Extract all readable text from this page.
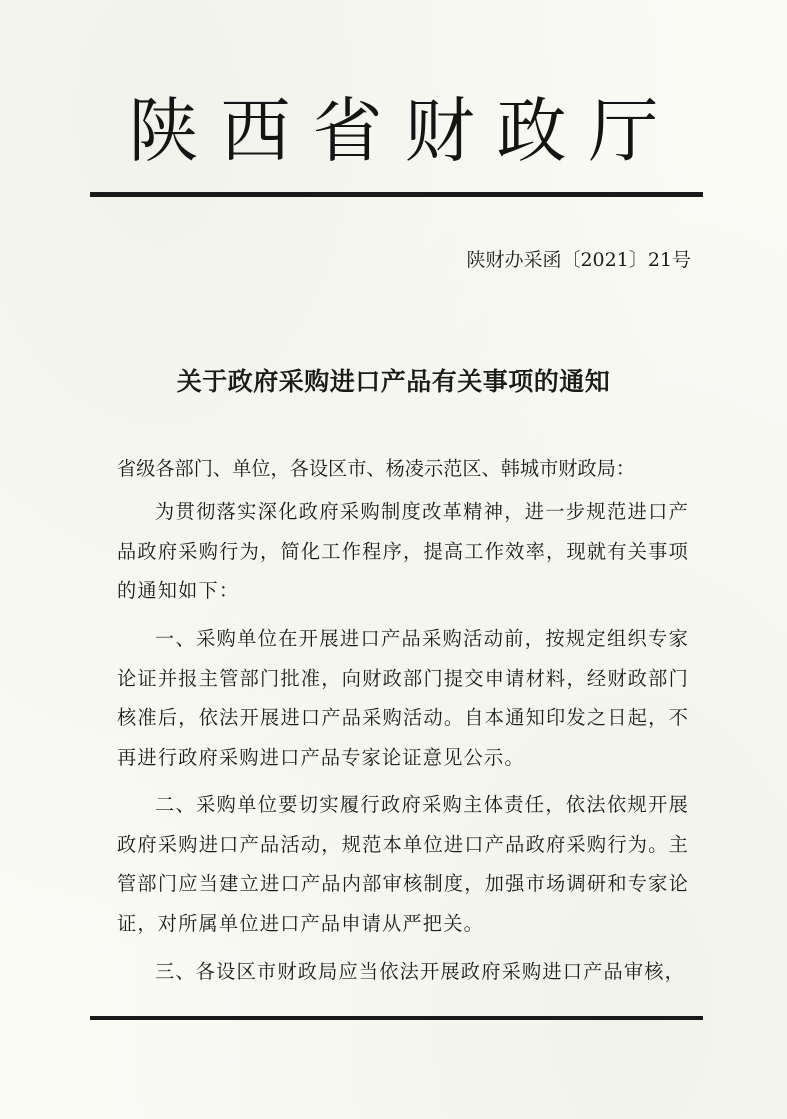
陕西省财政厅
陕财办采函〔2021〕21号
关于政府采购进口产品有关事项的通知
省级各部门、单位，各设区市、杨凌示范区、韩城市财政局：
为贯彻落实深化政府采购制度改革精神，进一步规范进口产品政府采购行为，简化工作程序，提高工作效率，现就有关事项的通知如下：
一、采购单位在开展进口产品采购活动前，按规定组织专家论证并报主管部门批准，向财政部门提交申请材料，经财政部门核准后，依法开展进口产品采购活动。自本通知印发之日起，不再进行政府采购进口产品专家论证意见公示。
二、采购单位要切实履行政府采购主体责任，依法依规开展政府采购进口产品活动，规范本单位进口产品政府采购行为。主管部门应当建立进口产品内部审核制度，加强市场调研和专家论证，对所属单位进口产品申请从严把关。
三、各设区市财政局应当依法开展政府采购进口产品审核，
